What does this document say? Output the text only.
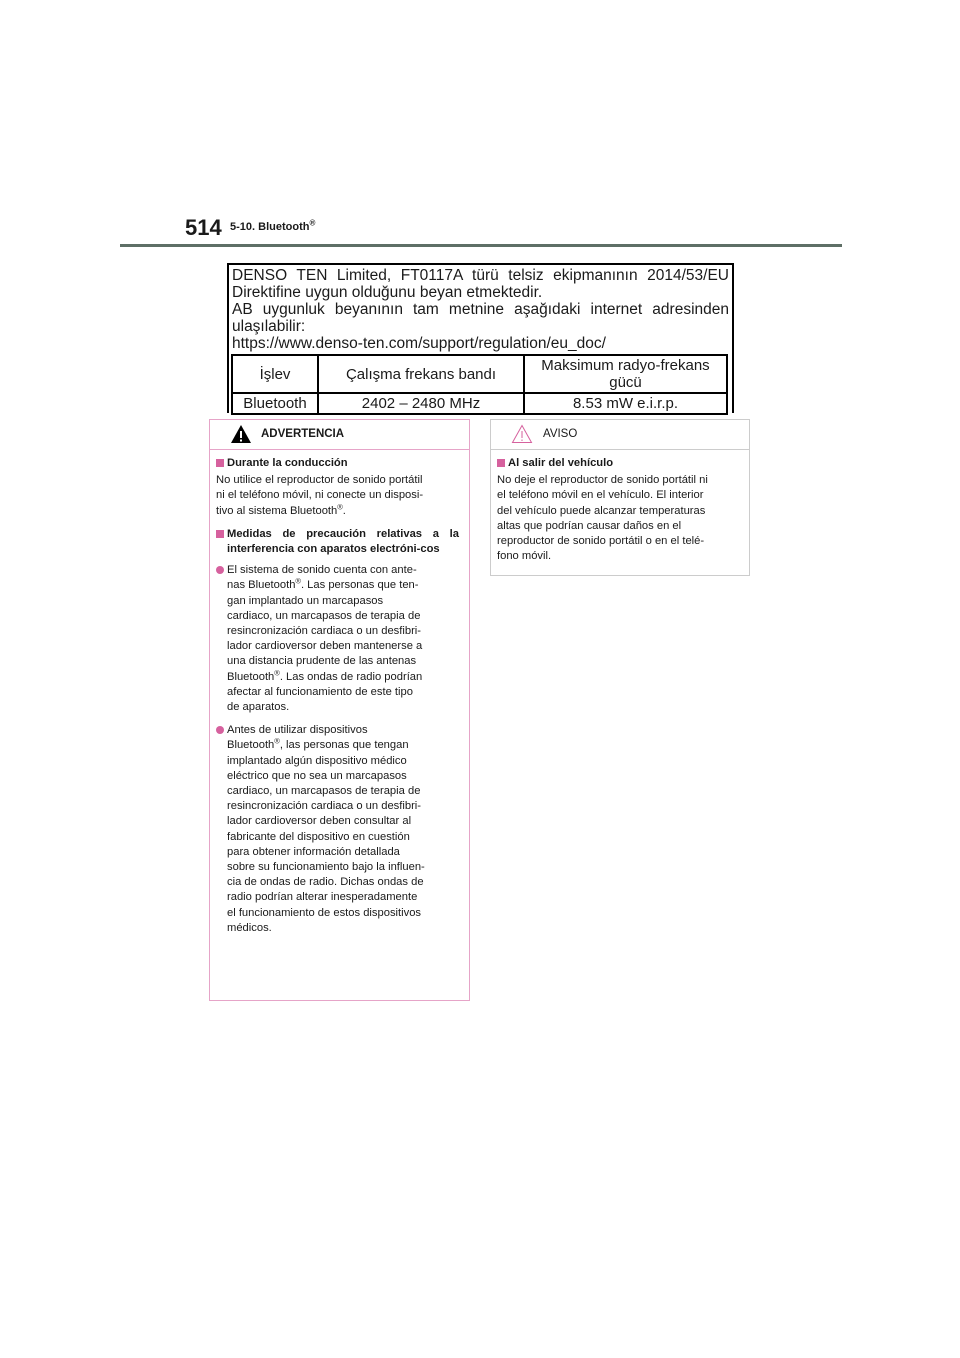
514 5-10. Bluetooth®
DENSO TEN Limited, FT0117A türü telsiz ekipmanının 2014/53/EU
Direktifine uygun olduğunu beyan etmektedir.
AB uygunluk beyanının tam metnine aşağıdaki internet adresinden
ulaşılabilir:
https://www.denso-ten.com/support/regulation/eu_doc/
İşlev	Çalışma frekans bandı	Maksimum radyo-frekans gücü
Bluetooth	2402 – 2480 MHz	8.53 mW e.i.r.p.
ADVERTENCIA
Durante la conducción
No utilice el reproductor de sonido portátil
ni el teléfono móvil, ni conecte un disposi-
tivo al sistema Bluetooth®.
Medidas de precaución relativas a la interferencia con aparatos electróni-cos
El sistema de sonido cuenta con ante-
nas Bluetooth®. Las personas que ten-
gan implantado un marcapasos
cardiaco, un marcapasos de terapia de
resincronización cardiaca o un desfibri-
lador cardioversor deben mantenerse a
una distancia prudente de las antenas
Bluetooth®. Las ondas de radio podrían
afectar al funcionamiento de este tipo
de aparatos.
Antes de utilizar dispositivos
Bluetooth®, las personas que tengan
implantado algún dispositivo médico
eléctrico que no sea un marcapasos
cardiaco, un marcapasos de terapia de
resincronización cardiaca o un desfibri-
lador cardioversor deben consultar al
fabricante del dispositivo en cuestión
para obtener información detallada
sobre su funcionamiento bajo la influen-
cia de ondas de radio. Dichas ondas de
radio podrían alterar inesperadamente
el funcionamiento de estos dispositivos
médicos.
AVISO
Al salir del vehículo
No deje el reproductor de sonido portátil ni
el teléfono móvil en el vehículo. El interior
del vehículo puede alcanzar temperaturas
altas que podrían causar daños en el
reproductor de sonido portátil o en el telé-
fono móvil.
